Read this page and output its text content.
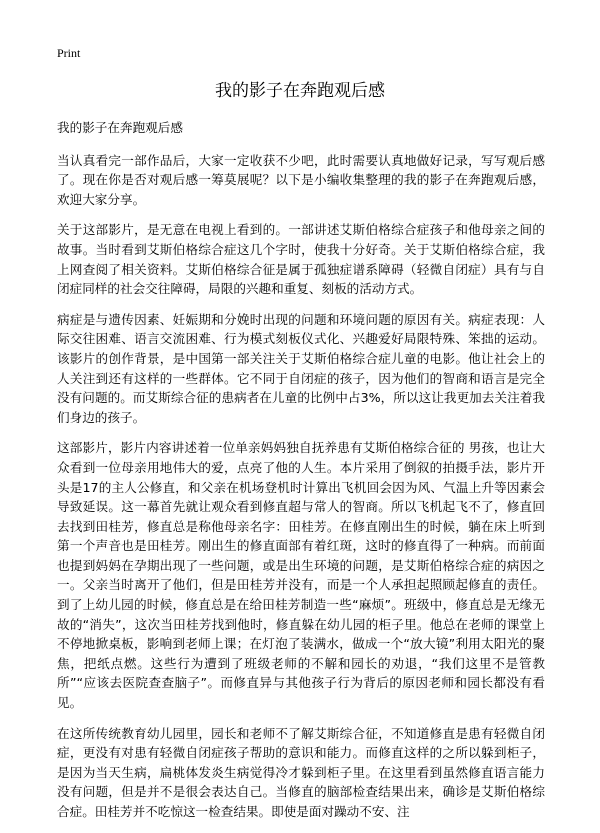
Print
我的影子在奔跑观后感

我的影子在奔跑观后感

当认真看完一部作品后，大家一定收获不少吧，此时需要认真地做好记录，写写观后感了。现在你是否对观后感一筹莫展呢？以下是小编收集整理的我的影子在奔跑观后感，欢迎大家分享。

关于这部影片，是无意在电视上看到的。一部讲述艾斯伯格综合症孩子和他母亲之间的故事。当时看到艾斯伯格综合症这几个字时，使我十分好奇。关于艾斯伯格综合症，我上网查阅了相关资料。艾斯伯格综合征是属于孤独症谱系障碍（轻微自闭症）具有与自闭症同样的社会交往障碍，局限的兴趣和重复、刻板的活动方式。

病症是与遗传因素、妊娠期和分娩时出现的问题和环境问题的原因有关。病症表现：人际交往困难、语言交流困难、行为模式刻板仪式化、兴趣爱好局限特殊、笨拙的运动。该影片的创作背景，是中国第一部关注关于艾斯伯格综合症儿童的电影。他让社会上的人关注到还有这样的一些群体。它不同于自闭症的孩子，因为他们的智商和语言是完全没有问题的。而艾斯综合征的患病者在儿童的比例中占3%，所以这让我更加去关注着我们身边的孩子。

这部影片，影片内容讲述着一位单亲妈妈独自抚养患有艾斯伯格综合征的 男孩，也让大众看到一位母亲用地伟大的爱，点亮了他的人生。本片采用了倒叙的拍摄手法，影片开头是17的主人公修直，和父亲在机场登机时计算出飞机回会因为风、气温上升等因素会导致延误。这一幕首先就让观众看到修直超与常人的智商。所以飞机起飞不了，修直回去找到田桂芳，修直总是称他母亲名字：田桂芳。在修直刚出生的时候，躺在床上听到第一个声音也是田桂芳。刚出生的修直面部有着红斑，这时的修直得了一种病。而前面也提到妈妈在孕期出现了一些问题，或是出生环境的问题，是艾斯伯格综合症的病因之一。父亲当时离开了他们，但是田桂芳并没有，而是一个人承担起照顾起修直的责任。到了上幼儿园的时候，修直总是在给田桂芳制造一些“麻烦”。班级中，修直总是无缘无故的“消失”，这次当田桂芳找到他时，修直躲在幼儿园的柜子里。他总在老师的课堂上不停地掀桌板，影响到老师上课；在灯泡了装满水，做成一个“放大镜”利用太阳光的聚焦，把纸点燃。这些行为遭到了班级老师的不解和园长的劝退，“我们这里不是管教所”“应该去医院查查脑子”。而修直异与其他孩子行为背后的原因老师和园长都没有看见。

在这所传统教育幼儿园里，园长和老师不了解艾斯综合征，不知道修直是患有轻微自闭症，更没有对患有轻微自闭症孩子帮助的意识和能力。而修直这样的之所以躲到柜子，是因为当天生病，扁桃体发炎生病觉得冷才躲到柜子里。在这里看到虽然修直语言能力没有问题，但是并不是很会表达自己。当修直的脑部检查结果出来，确诊是艾斯伯格综合症。田桂芳并不吃惊这一检查结果。即使是面对躁动不安、注
